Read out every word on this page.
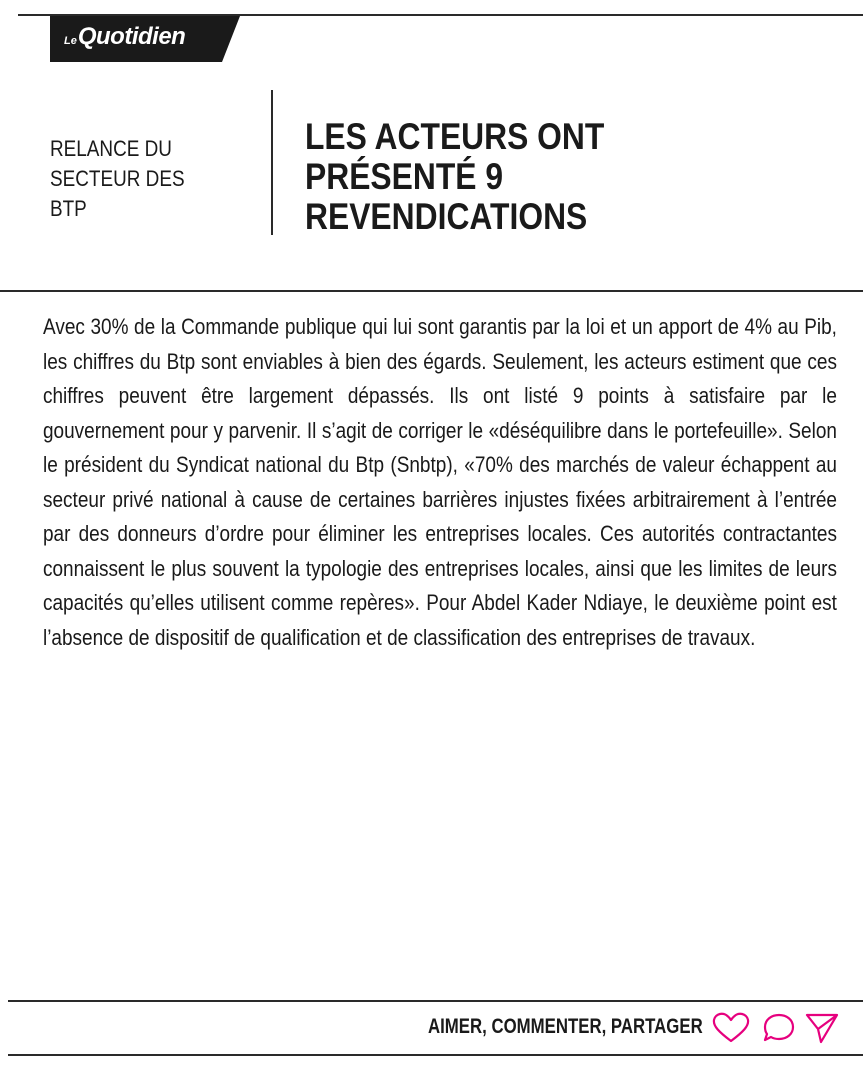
LeQuotidien
RELANCE DU SECTEUR DES BTP
LES ACTEURS ONT PRÉSENTÉ 9 REVENDICATIONS

Avec 30% de la Commande publique qui lui sont garantis par la loi et un apport de 4% au Pib, les chiffres du Btp sont enviables à bien des égards. Seulement, les acteurs estiment que ces chiffres peuvent être largement dépassés. Ils ont listé 9 points à satisfaire par le gouvernement pour y parvenir. Il s’agit de corriger le «déséquilibre dans le portefeuille». Selon le président du Syndicat national du Btp (Snbtp), «70% des marchés de valeur échappent au secteur privé national à cause de certaines barrières injustes fixées arbitrairement à l’entrée par des donneurs d’ordre pour éliminer les entreprises locales. Ces autorités contractantes connaissent le plus souvent la typologie des entreprises locales, ainsi que les limites de leurs capacités qu’elles utilisent comme repères». Pour Abdel Kader Ndiaye, le deuxième point est l’absence de dispositif de qualification et de classification des entreprises de travaux.

AIMER, COMMENTER, PARTAGER
